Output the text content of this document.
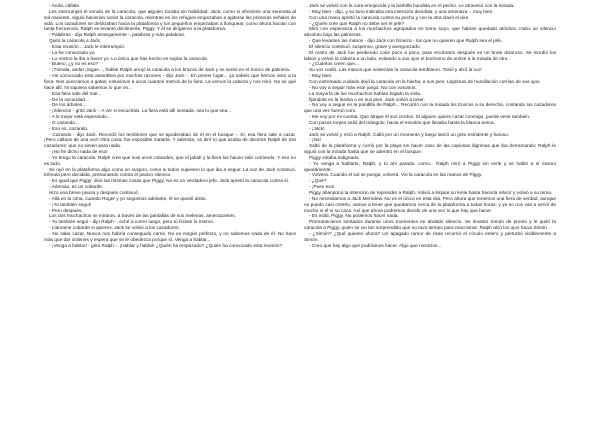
- Anda, cállate.

Les interrumpió el sonido de la caracola, que alguien tocaba sin habilidad. Jack, como si ofreciese una serenata al sol naciente, siguió haciendo sonar la caracola, mientras en los refugios empezaban a agitarse las primeras señales de vida. Los cazadores se deslizaban hacia la plataforma y los pequeños empezaban a lloriquear, como ahora hacían con tanta frecuencia. Ralph se levantó dócilmente, Piggy. Y él se dirigieron a la plataforma.

- Palabras - dijo Ralph amargamente -, palabras y más palabras.

Quitó la caracola a Jack.

- Esta reunión... Jack le interrumpió.

- La he convocado yo.

- Lo mismo la iba a hacer yo. Lo único que has hecho es soplar la caracola.

- Bueno, ¿y no es eso?

- ¡Tómala, anda! ¡Sigue..., habla! Ralph arrojó la caracola a los brazos de Jack y se sentó en el tronco de palmera.

- He convocado esta asamblea por muchas razones - dijo Jack -. En primer lugar... ya sabéis que hemos visto a la fiera. Nos acercamos a gatas; estuvimos a unos cuantos metros de la fiera. La vemos la cabeza y nos miró. No sé qué hace allí. Ni siquiera sabemos lo que es...

- Esa fiera sale del mar...

- De la oscuridad...

- De los árboles...

- ¡Silencio! - gritó Jack -. A ver si escucháis. La fiera está allí sentada, sea lo que sea...

- A lo mejor está esperando...

- O cazando...

- Eso es, cazando.

- Cazando - dijo Jack. Recordó los temblores que se apoderaban de él en el bosque -. Sí, esa fiera sale a cazar. ¡Pero callaos de una vez! Otra cosa: fue imposible matarla. Y además, os diré lo que acaba de decirme Ralph de mis cazadores: que no sirven para nada.

- ¡No he dicho nada de eso!

- Yo tengo la caracola. Ralph cree que sois unos cobardes, que el jabalí y la fiera los hacen salir corriendo. Y eso no es todo.

Se oyó en la plataforma algo como un suspiro, como si todos supiesen lo que iba a seguir. La voz de Jack continuó, trémula pero decidida, presionando contra el pasivo silencio.

- Es igual que Piggy: dice las mismas cosas que Piggy. No es un verdadero jefe. Jack apretó la caracola contra sí.

- Además, es un cobarde.

Hizo una breve pausa y después continuó:

- Allá en la cima, cuando Roger y yo seguimos adelante, él se quedó atrás.

- ¡Yo también seguí!

- Pero después.

Los dos muchachos se miraron, a través de las pantallas de sus melenas, amenazantes.

- Yo también seguí - dijo Ralph -, eché a correr luego, pero tú hiciste lo mismo.

- Llámame cobarde si quieres. Jack se volvió a los cazadores:

- No sabe cazar. Nunca nos habría conseguido carne. No es ningún prefecto, y no sabemos nada de él. No hace más que dar órdenes y espera que se le obedezca porque sí. Venga a hablar...

- ¡Venga a hablar! - gritó Ralph -. ¡Hablar y hablar! ¿Quién ha empezado? ¿Quién ha convocado esta reunión?

Jack se volvió con la cara enrojecida y la barbilla hundida en el pecho. Le atravesó con la mirada.

- Muy bien - dijo, y su tono indicaba una intención decidida, y una amenaza -, muy bien.

Con una mano apretó la caracola contra su pecho y con la otra clavó el aire.

- ¿Quién cree que Ralph no debe ser el jefe?

Miró con esperanza a los muchachos agrupados en torno suyo, que habían quedado atónitos. Hubo un silencio absoluto bajo las palmeras.

- Que levanten las manos - dijo Jack con firmeza - los que no quieren que Ralph sea el jefe.

El silencio continuó, suspenso, grave y avergonzado.

El rostro de Jack fue perdiendo color poco a poco, para recobrarlo después en un brote doloroso. Se mordió los labios y volvió la cabeza a un lado, evitando a sus ojos el bochorno de unirse a la mirada de otro.

- ¿Cuántos creen que...

Su voz cedió. Las manos que sostenían la caracola temblaron. Tosió y alzó la voz:

- Muy bien.

Con extremado cuidado dejó la caracola en la hierba, a sus pies. Lágrimas de humillación corrían de sus ojos.

- No voy a seguir más este juego. No con vosotros.

La mayoría de los muchachos habían bajado la vista.

fijándola en la hierba o en sus pies. Jack volvió a toser.

- No voy a seguir en la pandilla de Ralph... Recorrió con la mirada los troncos a su derecha, contando los cazadores que una vez fueron coro.

- Me voy por mi cuenta. Que atrape él sus cerdos. Si alguien quiere cazar conmigo, puede venir también.

Con pasos torpes salió del triángulo, hacia el escalón que llevaba hasta la blanca arena.

- ¡Jack!

Jack se volvió y miró a Ralph. Calló por un momento y luego lanzó un grito estridente y furioso:

- ¡No!

Saltó de la plataforma y corrió por la playa sin hacer caso de las copiosas lágrimas que iba derramando; Ralph le siguió con la mirada hasta que se adentró en el bosque.

Piggy estaba indignado.

- Yo venga a hablarte, Ralph, y tú ahí parado, como... Ralph miró a Piggy sin verle y se habló a sí mismo quedamente:

- Volverá. Cuando el sol se ponga, volverá. Vio la caracola en las manos de Piggy.

- ¿Qué?

- ¡Pues eso!

Piggy abandonó la intención de reprender a Ralph. Volvió a limpiar su lente hasta hacerla relucir y volvió a su tema.

- No necesitamos a Jack Merridew. No es el único en esta isla. Pero ahora que tenemos una fiera de verdad, aunque no puedo casi creerlo, vamos a tener que quedarnos cerca de la plataforma a todas horas; y ya no nos van a servir de mucho ni él ni su caza. Así que ahora podremos decidir de una vez lo que hay que hacer.

- Es inútil, Piggy. No podemos hacer nada.

Permanecieron sentados durante unos momentos en abatido silencio. Se levantó Simón de pronto y le quitó la caracola a Piggy, quien se vio tan sorprendido que no tuvo tiempo para reaccionar. Ralph alzó los ojos hacia Simón.

- ¿Simón? ¿Qué quieres ahora? Un apagado rumor de risas recorrió el círculo entero y perturbó visiblemente a Simón.

- Creo que hay algo que podríamos hacer. Algo que nosotros...
